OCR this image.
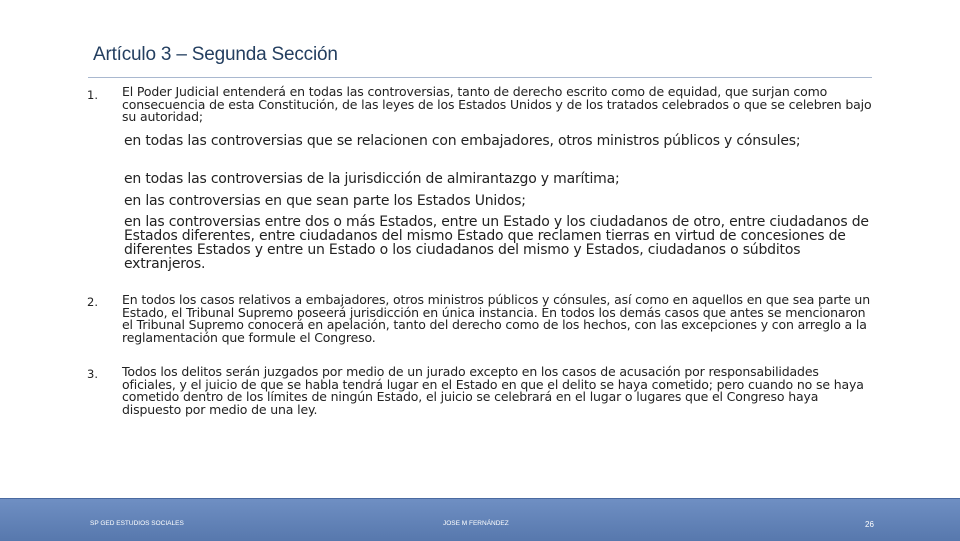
Artículo 3 – Segunda Sección
1. El Poder Judicial entenderá en todas las controversias, tanto de derecho escrito como de equidad, que surjan como consecuencia de esta Constitución, de las leyes de los Estados Unidos y de los tratados celebrados o que se celebren bajo su autoridad;
en todas las controversias que se relacionen con embajadores, otros ministros públicos y cónsules;
en todas las controversias de la jurisdicción de almirantazgo y marítima;
en las controversias en que sean parte los Estados Unidos;
en las controversias entre dos o más Estados, entre un Estado y los ciudadanos de otro, entre ciudadanos de Estados diferentes, entre ciudadanos del mismo Estado que reclamen tierras en virtud de concesiones de diferentes Estados y entre un Estado o los ciudadanos del mismo y Estados, ciudadanos o súbditos extranjeros.
2. En todos los casos relativos a embajadores, otros ministros públicos y cónsules, así como en aquellos en que sea parte un Estado, el Tribunal Supremo poseerá jurisdicción en única instancia. En todos los demás casos que antes se mencionaron el Tribunal Supremo conocerá en apelación, tanto del derecho como de los hechos, con las excepciones y con arreglo a la reglamentación que formule el Congreso.
3. Todos los delitos serán juzgados por medio de un jurado excepto en los casos de acusación por responsabilidades oficiales, y el juicio de que se habla tendrá lugar en el Estado en que el delito se haya cometido; pero cuando no se haya cometido dentro de los límites de ningún Estado, el juicio se celebrará en el lugar o lugares que el Congreso haya dispuesto por medio de una ley.
SP GED ESTUDIOS SOCIALES	JOSE M FERNÁNDEZ	26
